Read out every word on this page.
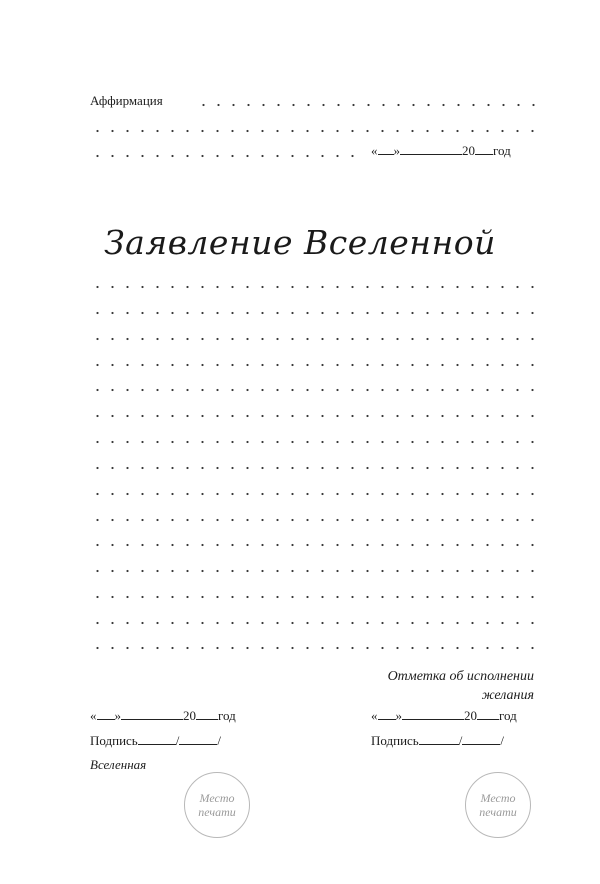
Аффирмация
« »	20 год
Заявление Вселенной
Отметка об исполнении
желания
« »	20 год
Подпись	/	/
Вселенная
Место
печати
« »	20 год
Подпись	/	/
Место
печати
